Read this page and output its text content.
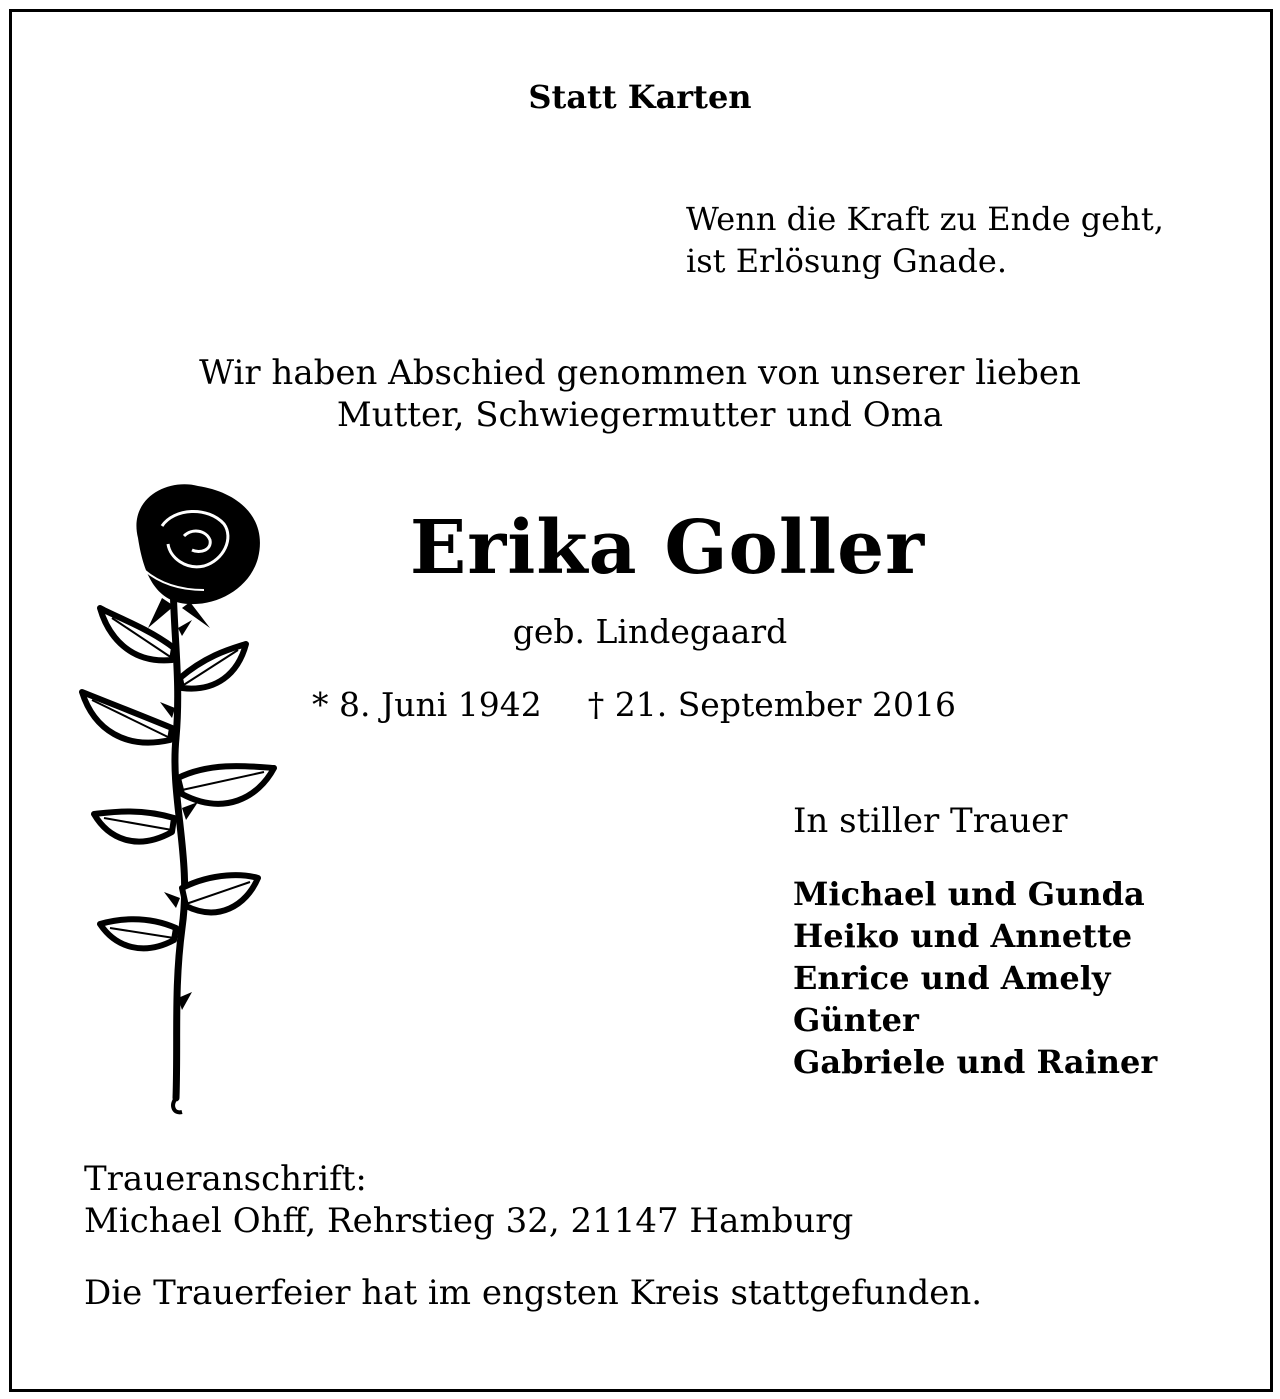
Statt Karten
Wenn die Kraft zu Ende geht,
ist Erlösung Gnade.
Wir haben Abschied genommen von unserer lieben
Mutter, Schwiegermutter und Oma
Erika Goller
geb. Lindegaard
* 8. Juni 1942 † 21. September 2016
In stiller Trauer
Michael und Gunda
Heiko und Annette
Enrice und Amely
Günter
Gabriele und Rainer
Traueranschrift:
Michael Ohff, Rehrstieg 32, 21147 Hamburg
Die Trauerfeier hat im engsten Kreis stattgefunden.
